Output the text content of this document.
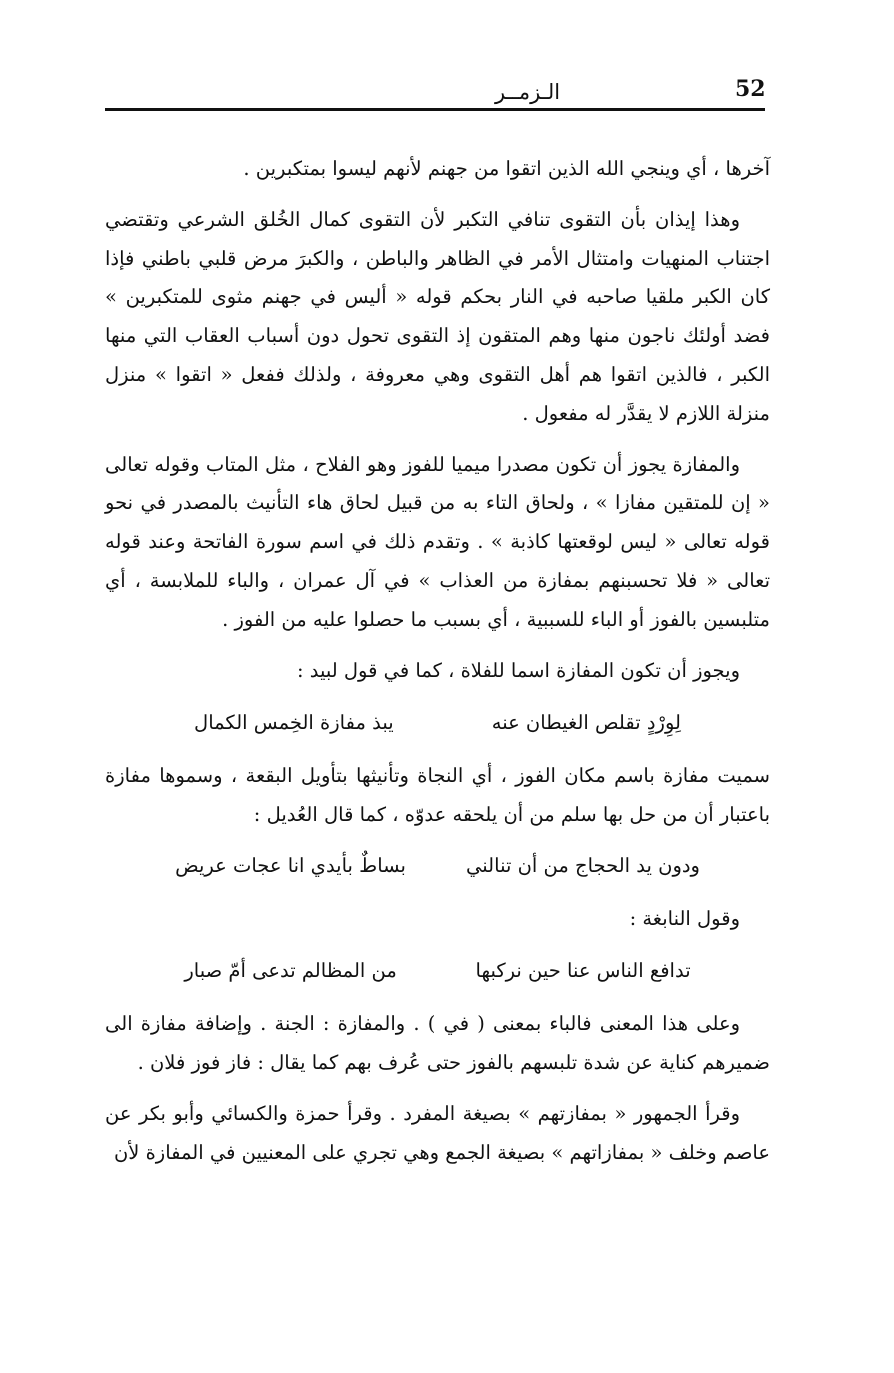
52
الـزمــر

آخرها ، أي وينجي الله الذين اتقوا من جهنم لأنهم ليسوا بمتكبرين .

وهذا إيذان بأن التقوى تنافي التكبر لأن التقوى كمال الخُلق الشرعي وتقتضي اجتناب المنهيات وامتثال الأمر في الظاهر والباطن ، والكبرَ مرض قلبي باطني فإذا كان الكبر ملقيا صاحبه في النار بحكم قوله « أليس في جهنم مثوى للمتكبرين » فضد أولئك ناجون منها وهم المتقون إذ التقوى تحول دون أسباب العقاب التي منها الكبر ، فالذين اتقوا هم أهل التقوى وهي معروفة ، ولذلك ففعل « اتقوا » منزل منزلة اللازم لا يقدَّر له مفعول .

والمفازة يجوز أن تكون مصدرا ميميا للفوز وهو الفلاح ، مثل المتاب وقوله تعالى « إن للمتقين مفازا » ، ولحاق التاء به من قبيل لحاق هاء التأنيث بالمصدر في نحو قوله تعالى « ليس لوقعتها كاذبة » . وتقدم ذلك في اسم سورة الفاتحة وعند قوله تعالى « فلا تحسبنهم بمفازة من العذاب » في آل عمران ، والباء للملابسة ، أي متلبسين بالفوز أو الباء للسببية ، أي بسبب ما حصلوا عليه من الفوز .

ويجوز أن تكون المفازة اسما للفلاة ، كما في قول لبيد :

لِوِرْدٍ تقلص الغيطان عنه
يبذ مفازة الخِمس الكمال

سميت مفازة باسم مكان الفوز ، أي النجاة وتأنيثها بتأويل البقعة ، وسموها مفازة باعتبار أن من حل بها سلم من أن يلحقه عدوّه ، كما قال العُديل :

ودون يد الحجاج من أن تنالني
بساطٌ بأيدي انا عجات عريض

وقول النابغة :

تدافع الناس عنا حين نركبها
من المظالم تدعى أمّ صبار

وعلى هذا المعنى فالباء بمعنى ( في ) . والمفازة : الجنة . وإضافة مفازة الى ضميرهم كناية عن شدة تلبسهم بالفوز حتى عُرف بهم كما يقال : فاز فوز فلان .

وقرأ الجمهور « بمفازتهم » بصيغة المفرد . وقرأ حمزة والكسائي وأبو بكر عن عاصم وخلف « بمفازاتهم » بصيغة الجمع وهي تجري على المعنيين في المفازة لأن
